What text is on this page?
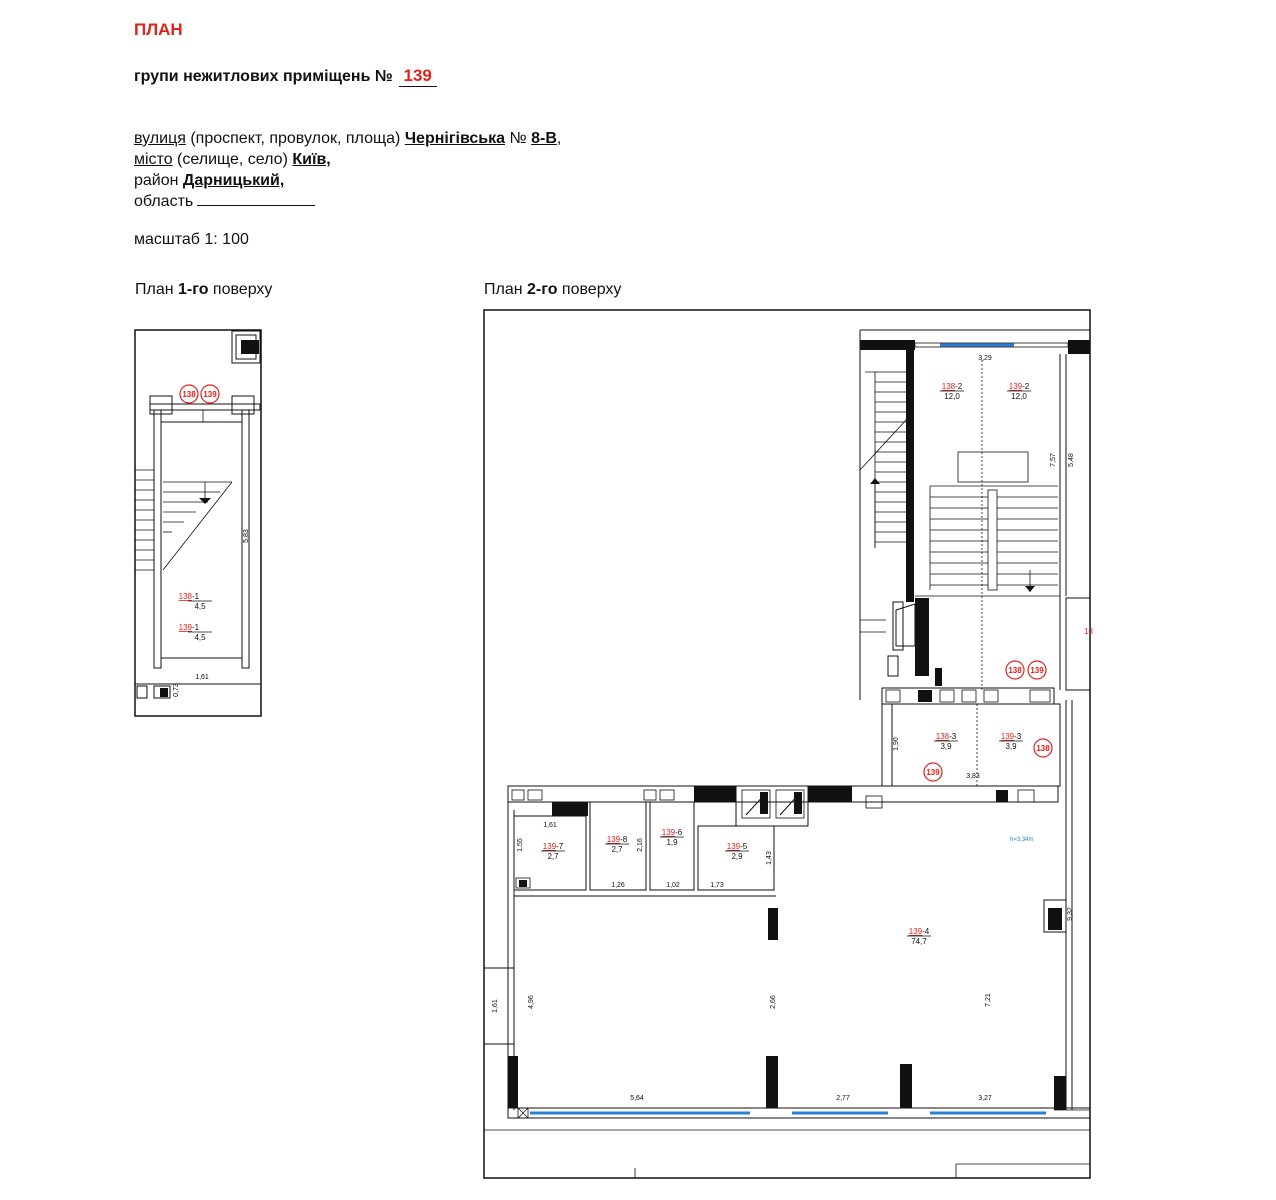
ПЛАН
групи нежитлових приміщень № 139
вулиця (проспект, провулок, площа) Чернігівська № 8-В,
місто (селище, село) Київ,
район Дарницький,
область
масштаб 1: 100
План 1-го поверху	План 2-го поверху
138 139
138 -1
4,5
139 -1
4,5
5,83
1,61
0,73
13
138-2
12,0
139-2
12,0
138-3
3,9
139-3
3,9
139-7
2,7
139-8
2,7
139-6
1,9	139-5
2,9
139-4
74,7
138 139
138
139
3,29
7,57 5,48
1,90
3,83
1,61
1,55	2,16
1,43
1,26	1,02	1,73
9,32
4,96	2,66	7,21
1,61
5,64	2,77	3,27
h=3,34m
